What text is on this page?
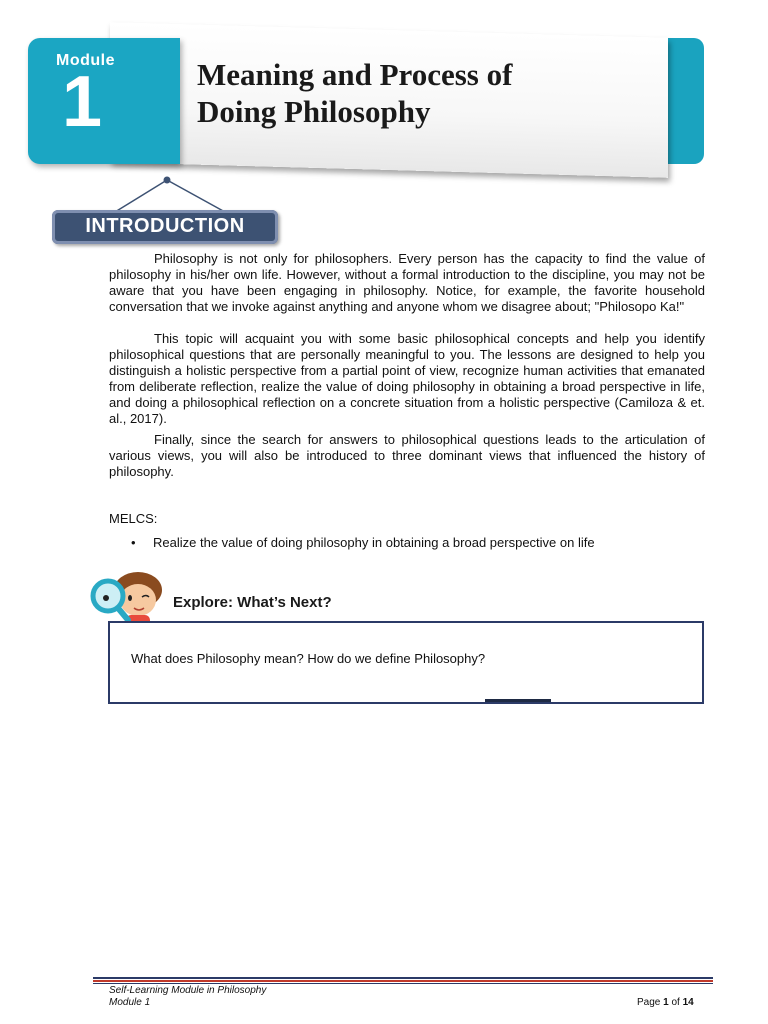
Module
1	Meaning and Process of
Doing Philosophy
INTRODUCTION

Philosophy is not only for philosophers. Every person has the capacity to find the value of philosophy in his/her own life. However, without a formal introduction to the discipline, you may not be aware that you have been engaging in philosophy. Notice, for example, the favorite household conversation that we invoke against anything and anyone whom we disagree about; "Philosopo Ka!"

This topic will acquaint you with some basic philosophical concepts and help you identify philosophical questions that are personally meaningful to you. The lessons are designed to help you distinguish a holistic perspective from a partial point of view, recognize human activities that emanated from deliberate reflection, realize the value of doing philosophy in obtaining a broad perspective in life, and doing a philosophical reflection on a concrete situation from a holistic perspective (Camiloza & et. al., 2017).

Finally, since the search for answers to philosophical questions leads to the articulation of various views, you will also be introduced to three dominant views that influenced the history of philosophy.

MELCS:
• Realize the value of doing philosophy in obtaining a broad perspective on life
Explore: What’s Next?
What does Philosophy mean? How do we define Philosophy?
Self-Learning Module in Philosophy
Module 1	Page 1 of 14
